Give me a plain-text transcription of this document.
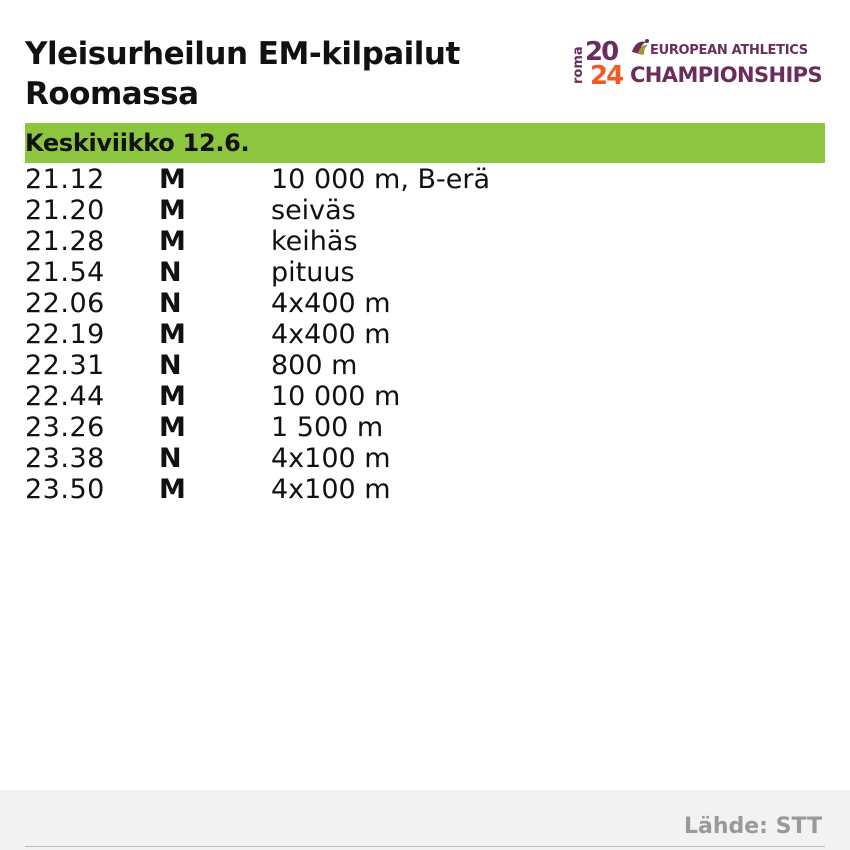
Yleisurheilun EM-kilpailut
Roomassa
roma 20
24
EUROPEAN ATHLETICS
CHAMPIONSHIPS
Keskiviikko 12.6.
21.12 M	10 000 m, B-erä
21.20 M	seiväs
21.28 M	keihäs
21.54 N	pituus
22.06 N	4x400 m
22.19 M	4x400 m
22.31 N	800 m
22.44 M	10 000 m
23.26 M	1 500 m
23.38 N	4x100 m
23.50 M	4x100 m
Lähde: STT
